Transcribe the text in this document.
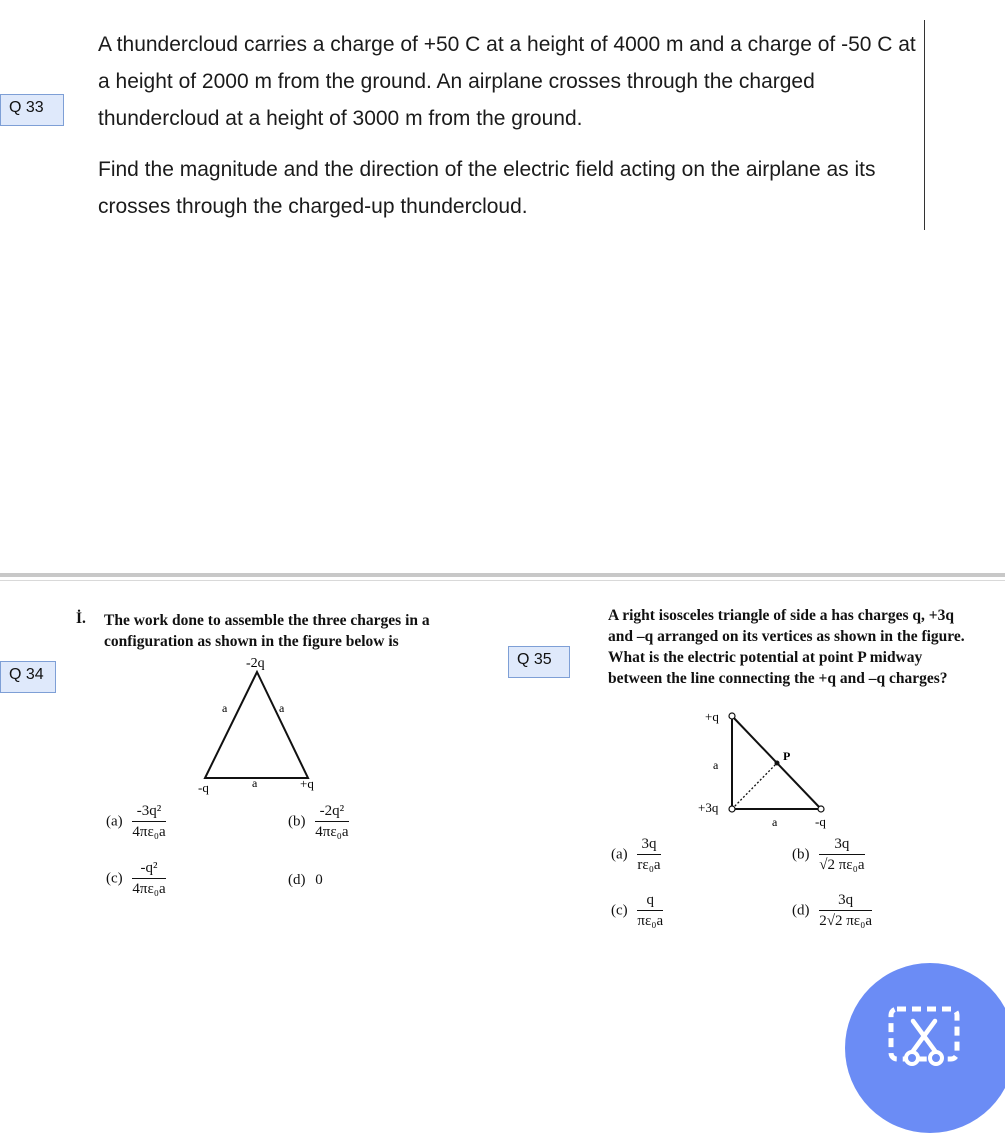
Q 33

A thundercloud carries a charge of +50 C at a height of 4000 m and a charge of -50 C at a height of 2000 m from the ground. An airplane crosses through the charged thundercloud at a height of 3000 m from the ground.

Find the magnitude and the direction of the electric field acting on the airplane as its crosses through the charged-up thundercloud.

Q 34
İ. The work done to assemble the three charges in a configuration as shown in the figure below is
-2q
-q	+q
a	a
a
$(a) \frac{\text{-3q²}}{\text{4πε₀a}}$	$(b) \frac{\text{-2q²}}{\text{4πε₀a}}$
$(c) \frac{\text{-q²}}{\text{4πε₀a}}$	(d) 0
Q 35
A right isosceles triangle of side a has charges q, +3q and –q arranged on its vertices as shown in the figure. What is the electric potential at point P midway between the line connecting the +q and –q charges?
+q
+3q
-q
P
a
a
$(a) \frac{3q}{\text{rε₀a}}$	$(b) \frac{3q}{\text{√2 πε₀a}}$
$(c) \frac{q}{\text{πε₀a}}$	$(d) \frac{3q}{\text{2√2 πε₀a}}$
